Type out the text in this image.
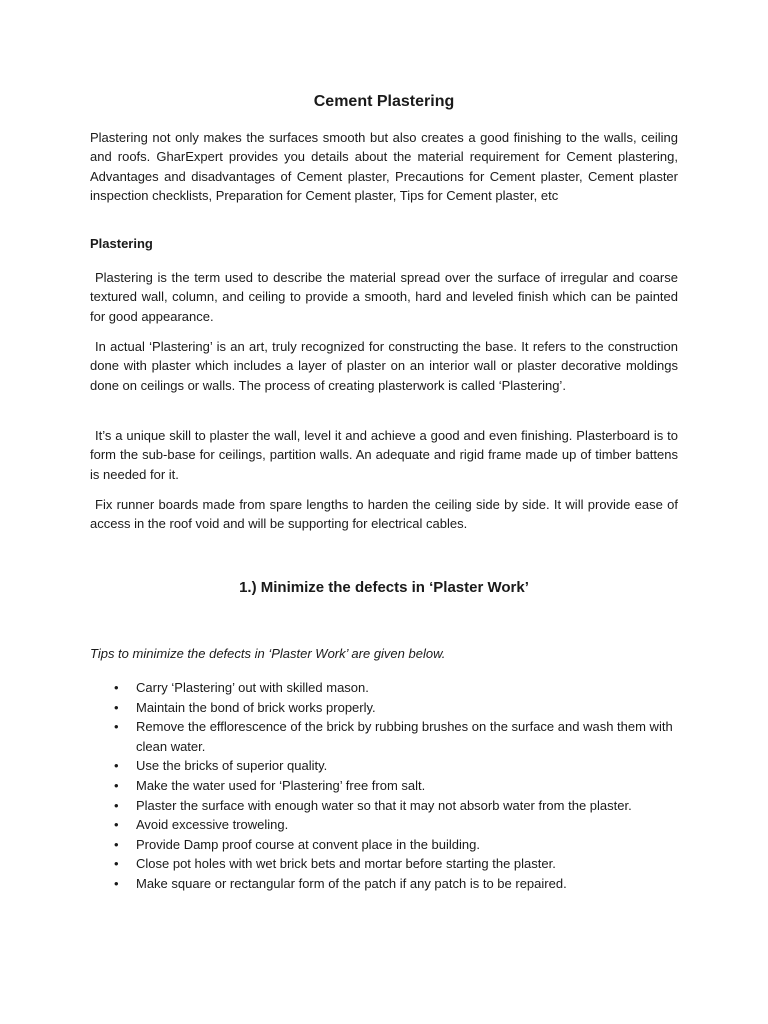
Cement Plastering

Plastering not only makes the surfaces smooth but also creates a good finishing to the walls, ceiling and roofs. GharExpert provides you details about the material requirement for Cement plastering, Advantages and disadvantages of Cement plaster, Precautions for Cement plaster, Cement plaster inspection checklists, Preparation for Cement plaster, Tips for Cement plaster, etc

Plastering

Plastering is the term used to describe the material spread over the surface of irregular and coarse textured wall, column, and ceiling to provide a smooth, hard and leveled finish which can be painted for good appearance.

In actual ‘Plastering’ is an art, truly recognized for constructing the base. It refers to the construction done with plaster which includes a layer of plaster on an interior wall or plaster decorative moldings done on ceilings or walls. The process of creating plasterwork is called ‘Plastering’.

It’s a unique skill to plaster the wall, level it and achieve a good and even finishing. Plasterboard is to form the sub-base for ceilings, partition walls. An adequate and rigid frame made up of timber battens is needed for it.

Fix runner boards made from spare lengths to harden the ceiling side by side. It will provide ease of access in the roof void and will be supporting for electrical cables.

1.) Minimize the defects in ‘Plaster Work’

Tips to minimize the defects in ‘Plaster Work’ are given below.

• Carry ‘Plastering’ out with skilled mason.
• Maintain the bond of brick works properly.
• Remove the efflorescence of the brick by rubbing brushes on the surface and wash them with clean water.
• Use the bricks of superior quality.
• Make the water used for ‘Plastering’ free from salt.
• Plaster the surface with enough water so that it may not absorb water from the plaster.
• Avoid excessive troweling.
• Provide Damp proof course at convent place in the building.
• Close pot holes with wet brick bets and mortar before starting the plaster.
• Make square or rectangular form of the patch if any patch is to be repaired.
